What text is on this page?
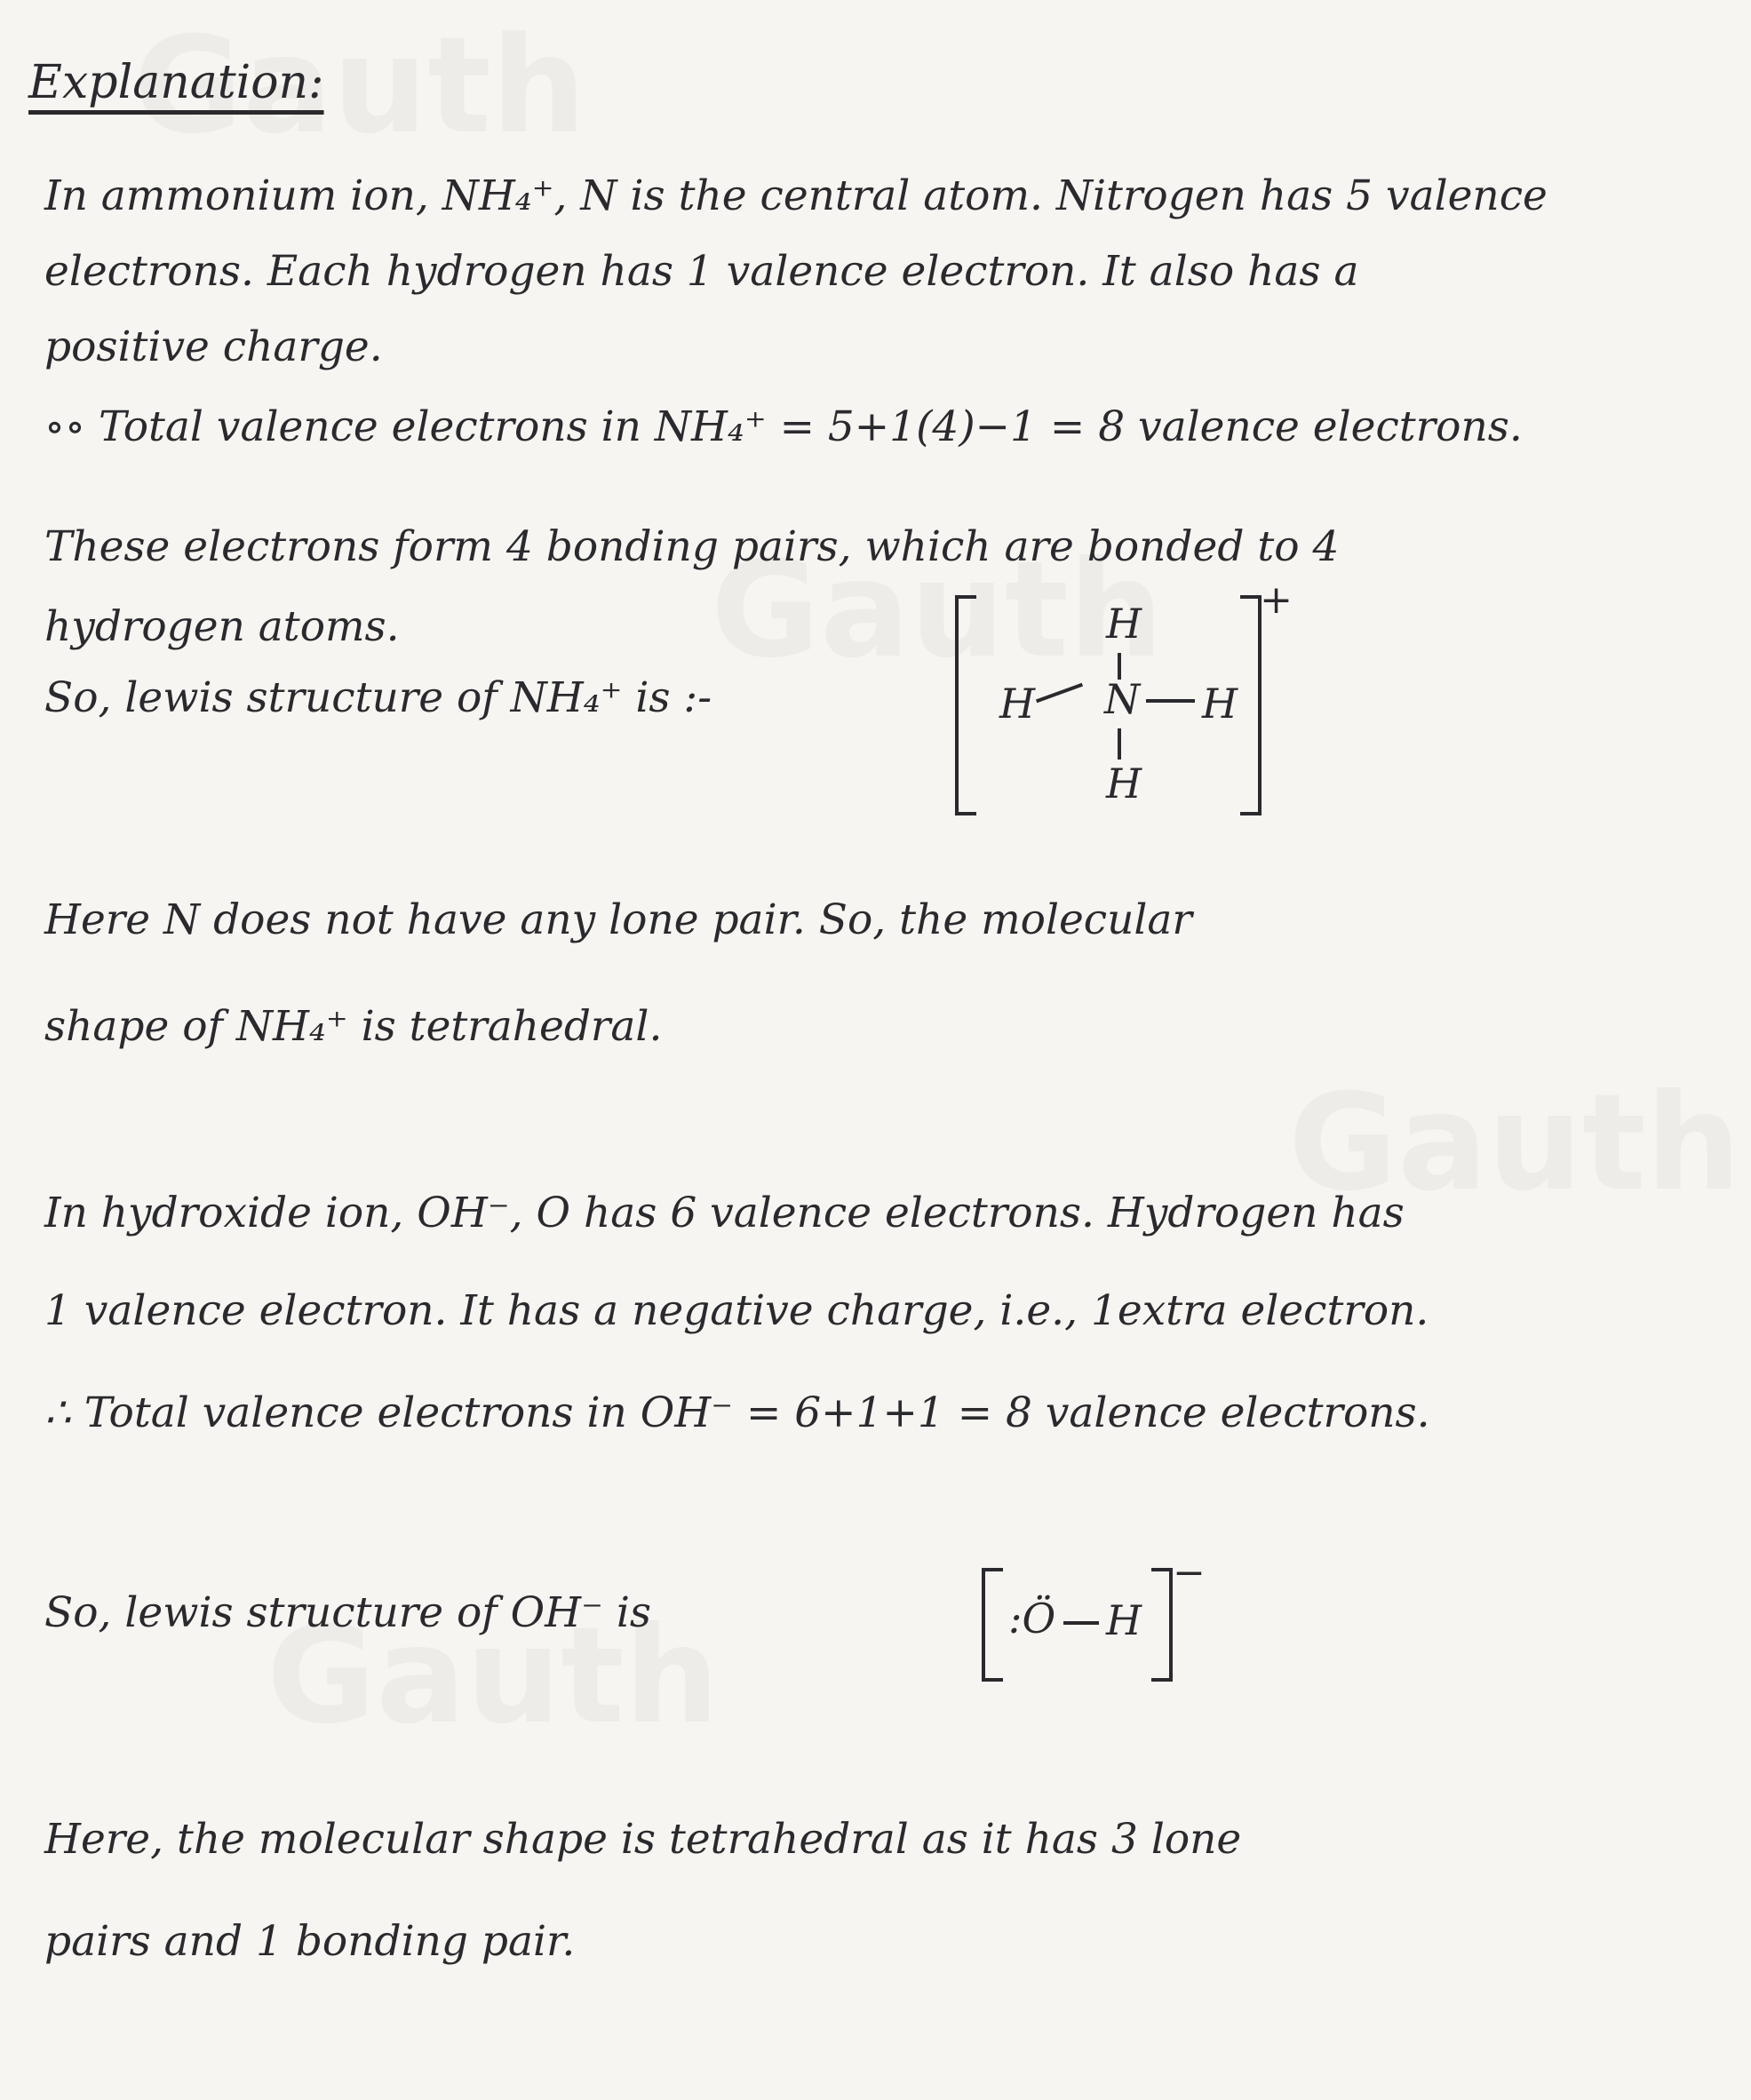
Explanation:
In ammonium ion, NH₄⁺, N is the central atom. Nitrogen has 5 valence
electrons. Each hydrogen has 1 valence electron. It also has a
positive charge.
∘∘ Total valence electrons in NH₄⁺ = 5+1(4)−1 = 8 valence electrons.
These electrons form 4 bonding pairs, which are bonded to 4
hydrogen atoms.
So, lewis structure of NH₄⁺ is :-
+
H
H N H
H
Here N does not have any lone pair. So, the molecular
shape of NH₄⁺ is tetrahedral.
In hydroxide ion, OH⁻, O has 6 valence electrons. Hydrogen has
1 valence electron. It has a negative charge, i.e., 1extra electron.
∴ Total valence electrons in OH⁻ = 6+1+1 = 8 valence electrons.
So, lewis structure of OH⁻ is
−
:Ö H
Here, the molecular shape is tetrahedral as it has 3 lone
pairs and 1 bonding pair.
